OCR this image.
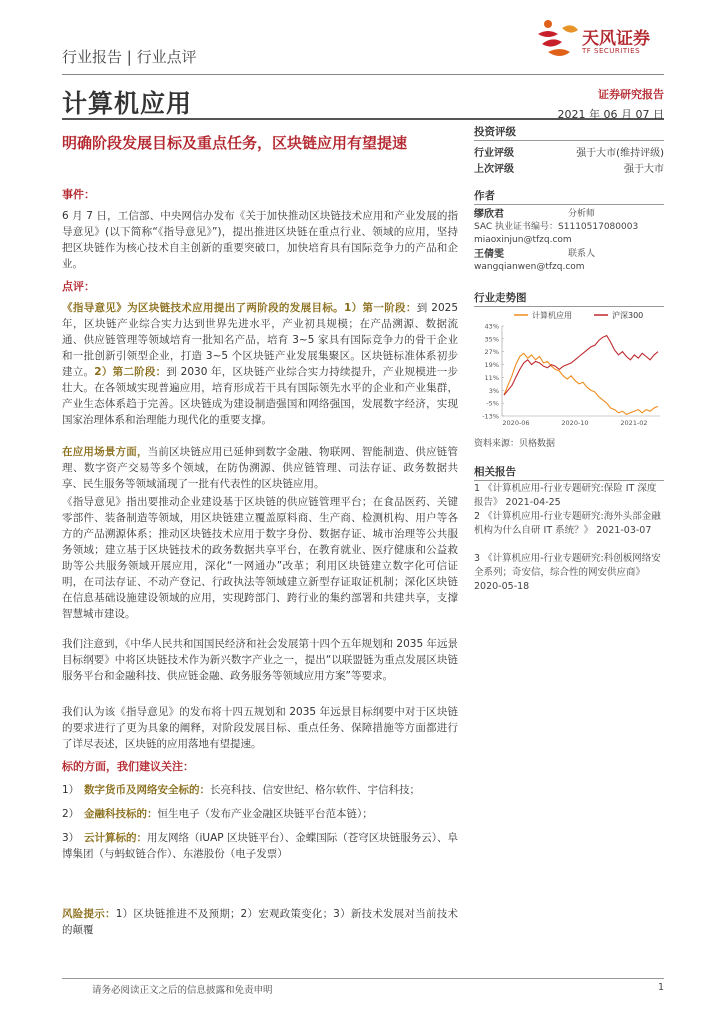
行业报告 | 行业点评
计算机应用
明确阶段发展目标及重点任务，区块链应用有望提速
证券研究报告
2021 年 06 月 07 日
天风证券
TF SECURITIES
事件：

6 月 7 日，工信部、中央网信办发布《关于加快推动区块链技术应用和产业发展的指导意见》(以下简称“《指导意见》”)，提出推进区块链在重点行业、领域的应用，坚持把区块链作为核心技术自主创新的重要突破口，加快培育具有国际竞争力的产品和企业。

点评：

《指导意见》为区块链技术应用提出了两阶段的发展目标。1）第一阶段：到 2025 年，区块链产业综合实力达到世界先进水平，产业初具规模；在产品溯源、数据流通、供应链管理等领域培育一批知名产品，培育 3~5 家具有国际竞争力的骨干企业和一批创新引领型企业，打造 3~5 个区块链产业发展集聚区。区块链标准体系初步建立。2）第二阶段：到 2030 年，区块链产业综合实力持续提升，产业规模进一步壮大。在各领域实现普遍应用，培育形成若干具有国际领先水平的企业和产业集群，产业生态体系趋于完善。区块链成为建设制造强国和网络强国，发展数字经济，实现国家治理体系和治理能力现代化的重要支撑。

在应用场景方面，当前区块链应用已延伸到数字金融、物联网、智能制造、供应链管理、数字资产交易等多个领域，在防伪溯源、供应链管理、司法存证、政务数据共享、民生服务等领域涌现了一批有代表性的区块链应用。

《指导意见》指出要推动企业建设基于区块链的供应链管理平台；在食品医药、关键零部件、装备制造等领域，用区块链建立覆盖原料商、生产商、检测机构、用户等各方的产品溯源体系；推动区块链技术应用于数字身份、数据存证、城市治理等公共服务领域；建立基于区块链技术的政务数据共享平台，在教育就业、医疗健康和公益救助等公共服务领域开展应用，深化“一网通办”改革；利用区块链建立数字化可信证明，在司法存证、不动产登记、行政执法等领域建立新型存证取证机制；深化区块链在信息基础设施建设领域的应用，实现跨部门、跨行业的集约部署和共建共享，支撑智慧城市建设。

我们注意到，《中华人民共和国国民经济和社会发展第十四个五年规划和 2035 年远景目标纲要》中将区块链技术作为新兴数字产业之一，提出“以联盟链为重点发展区块链服务平台和金融科技、供应链金融、政务服务等领域应用方案”等要求。

我们认为该《指导意见》的发布将十四五规划和 2035 年远景目标纲要中对于区块链的要求进行了更为具象的阐释，对阶段发展目标、重点任务、保障措施等方面都进行了详尽表述，区块链的应用落地有望提速。

标的方面，我们建议关注：
1） 数字货币及网络安全标的：长亮科技、信安世纪、格尔软件、宇信科技；
2） 金融科技标的：恒生电子（发布产业金融区块链平台范本链）；
3） 云计算标的：用友网络（iUAP 区块链平台）、金蝶国际（苍穹区块链服务云）、阜博集团（与蚂蚁链合作）、东港股份（电子发票）

风险提示：1）区块链推进不及预期；2）宏观政策变化；3）新技术发展对当前技术的颠覆

投资评级
行业评级	强于大市(维持评级)
上次评级	强于大市
作者
缪欣君	分析师
SAC 执业证书编号：S1110517080003
miaoxinjun@tfzq.com
王倩雯	联系人
wangqianwen@tfzq.com
行业走势图
计算机应用	沪深300
43%
35%
27%
19%
11%
3%
-5%
-13%
2020-06	2020-10	2021-02
资料来源：贝格数据
相关报告
1 《计算机应用-行业专题研究:保险 IT 深度报告》 2021-04-25
2 《计算机应用-行业专题研究:海外头部金融机构为什么自研 IT 系统？》 2021-03-07
3 《计算机应用-行业专题研究:科创板网络安全系列；奇安信，综合性的网安供应商》 2020-05-18
请务必阅读正文之后的信息披露和免责申明	1
